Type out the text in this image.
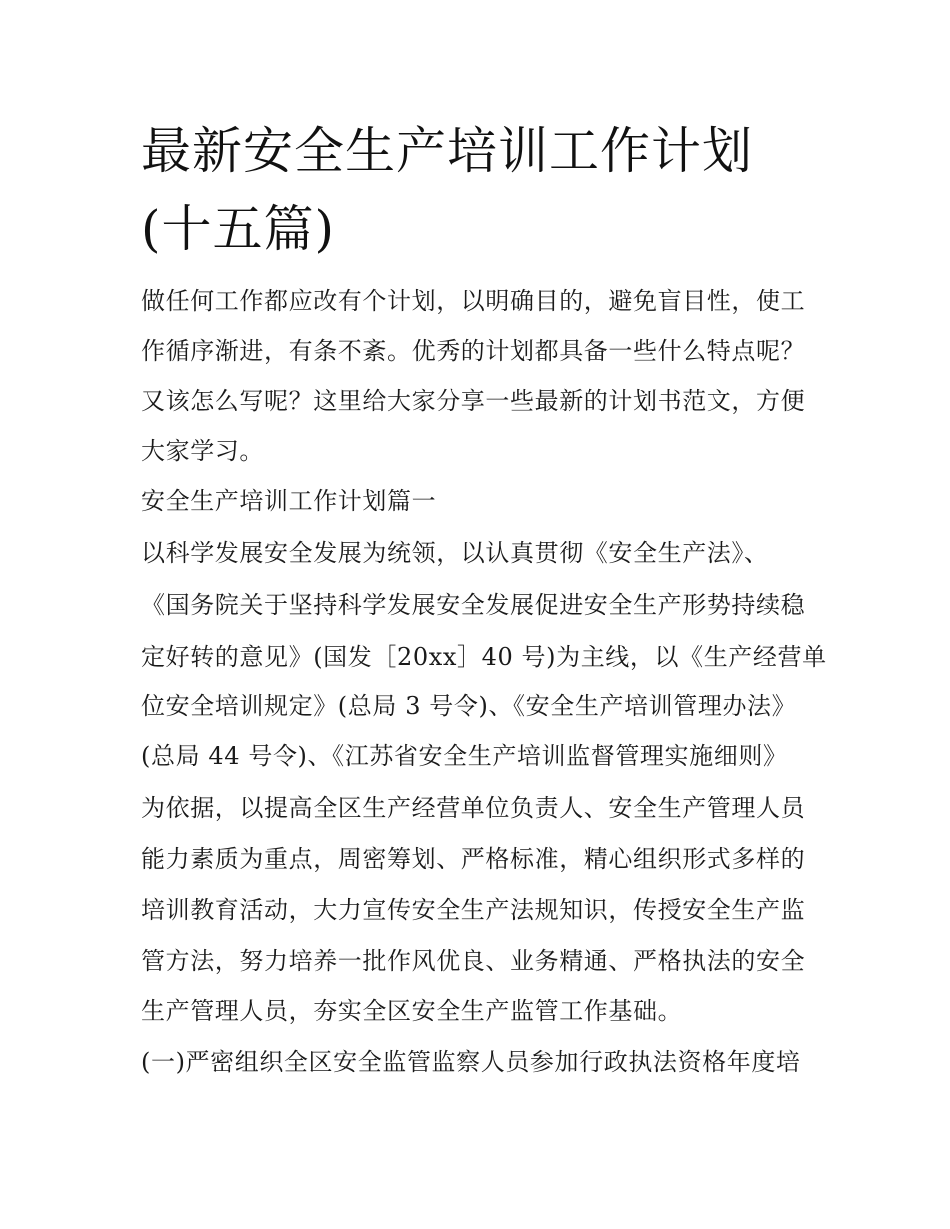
最新安全生产培训工作计划(十五篇)

做任何工作都应改有个计划，以明确目的，避免盲目性，使工

作循序渐进，有条不紊。优秀的计划都具备一些什么特点呢？

又该怎么写呢？这里给大家分享一些最新的计划书范文，方便

大家学习。

安全生产培训工作计划篇一

以科学发展安全发展为统领，以认真贯彻《安全生产法》、

《国务院关于坚持科学发展安全发展促进安全生产形势持续稳

定好转的意见》(国发［20xx］40 号)为主线，以《生产经营单

位安全培训规定》(总局 3 号令)、《安全生产培训管理办法》

(总局 44 号令)、《江苏省安全生产培训监督管理实施细则》

为依据，以提高全区生产经营单位负责人、安全生产管理人员

能力素质为重点，周密筹划、严格标准，精心组织形式多样的

培训教育活动，大力宣传安全生产法规知识，传授安全生产监

管方法，努力培养一批作风优良、业务精通、严格执法的安全

生产管理人员，夯实全区安全生产监管工作基础。

(一)严密组织全区安全监管监察人员参加行政执法资格年度培
